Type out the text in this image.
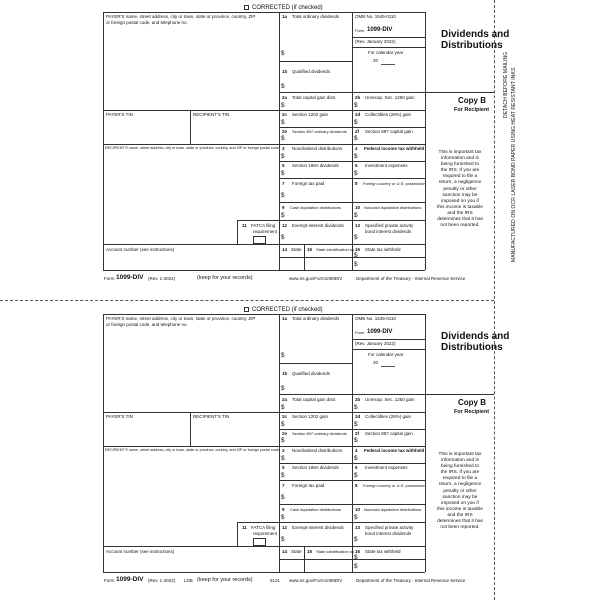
DETACH BEFORE MAILING MANUFACTURED ON OCR LASER BOND PAPER USING HEAT RESISTANT INKS
CORRECTED (if checked)
PAYER'S name, street address, city or town, state or province, country, ZIP
or foreign postal code, and telephone no.
1a Total ordinary dividends
$
1b Qualified dividends
$
OMB No. 1545-0110
Form 1099-DIV
(Rev. January 2022)
For calendar year
20
Dividends and
Distributions
2a Total capital gain distr.
$
2b Unrecap. Sec. 1250 gain
$
Copy B
For Recipient
PAYER'S TIN	RECIPIENT'S TIN	2c Section 1202 gain
$
2d Collectibles (28%) gain
$
2e Section 897 ordinary dividends
$
2f Section 897 capital gain
$
RECIPIENT'S name, street address, city or town, state or province, country, and ZIP or foreign postal code 3 Nondividend distributions
$
4 Federal income tax withheld
$
5 Section 199A dividends
$
6 Investment expenses
$
7 Foreign tax paid
$
8 Foreign country or U.S. possession
9 Cash liquidation distributions
$
10 Noncash liquidation distributions
$
11 FATCA filing
requirement
12 Exempt-interest dividends
$
13 Specified private activity
bond interest dividends
$
Account number (see instructions)	14 State 15 State identification no. 16 State tax withheld
$
$
This is important tax
information and is
being furnished to
the IRS. If you are
required to file a
return, a negligence
penalty or other
sanction may be
imposed on you if
this income is taxable
and the IRS
determines that it has
not been reported.
Form 1099-DIV (Rev. 1-2022)	(keep for your records)	www.irs.gov/Form1099DIV	Department of the Treasury - Internal Revenue Service
CORRECTED (if checked)
PAYER'S name, street address, city or town, state or province, country, ZIP
or foreign postal code, and telephone no.
1a Total ordinary dividends
$
1b Qualified dividends
$
OMB No. 1545-0110
Form 1099-DIV
(Rev. January 2022)
For calendar year
20
Dividends and
Distributions
2a Total capital gain distr.
$
2b Unrecap. Sec. 1250 gain
$
Copy B
For Recipient
PAYER'S TIN	RECIPIENT'S TIN	2c Section 1202 gain
$
2d Collectibles (28%) gain
$
2e Section 897 ordinary dividends
$
2f Section 897 capital gain
$
RECIPIENT'S name, street address, city or town, state or province, country, and ZIP or foreign postal code 3 Nondividend distributions
$
4 Federal income tax withheld
$
5 Section 199A dividends
$
6 Investment expenses
$
7 Foreign tax paid
$
8 Foreign country or U.S. possession
9 Cash liquidation distributions
$
10 Noncash liquidation distributions
$
11 FATCA filing
requirement
12 Exempt-interest dividends
$
13 Specified private activity
bond interest dividends
$
Account number (see instructions)	14 State 15 State identification no. 16 State tax withheld
$
$
This is important tax
information and is
being furnished to
the IRS. If you are
required to file a
return, a negligence
penalty or other
sanction may be
imposed on you if
this income is taxable
and the IRS
determines that it has
not been reported.
Form 1099-DIV (Rev. 1-2022) LDB (keep for your records)	5131 www.irs.gov/Form1099DIV	Department of the Treasury - Internal Revenue Service
